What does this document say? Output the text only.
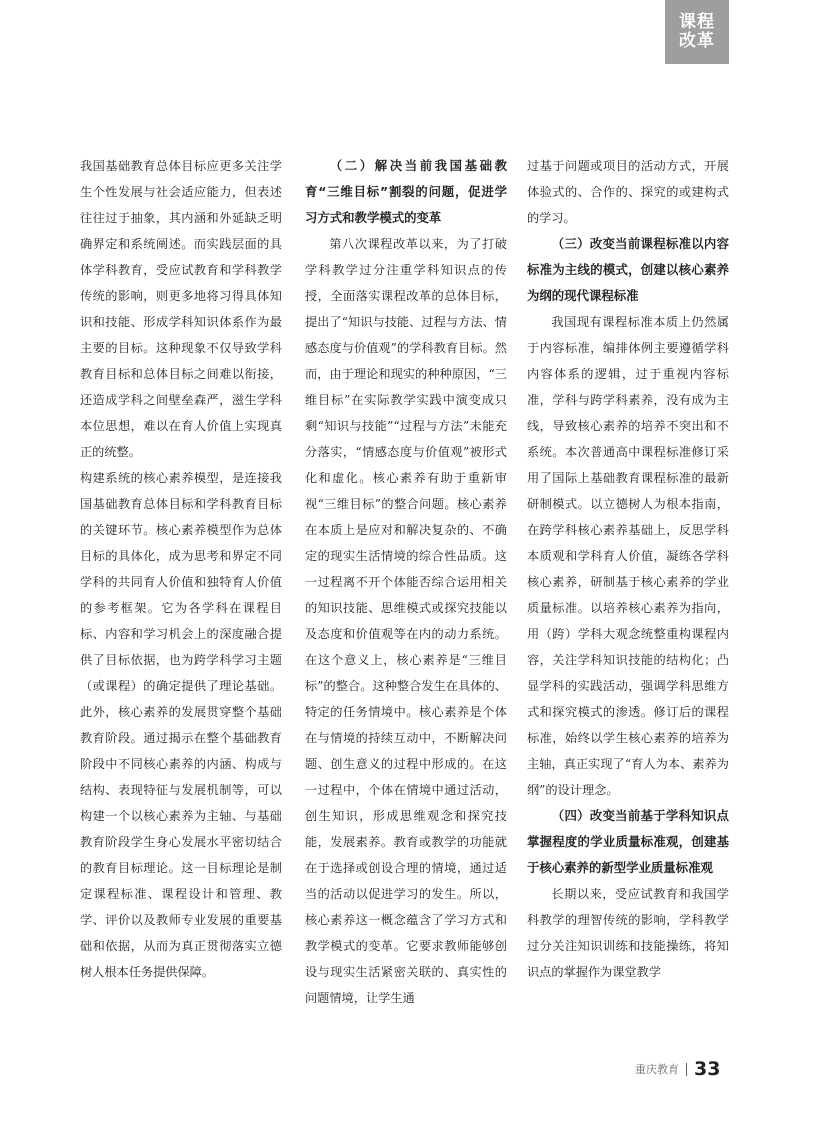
课程
改革

我国基础教育总体目标应更多关注学生个性发展与社会适应能力，但表述往往过于抽象，其内涵和外延缺乏明确界定和系统阐述。而实践层面的具体学科教育，受应试教育和学科教学传统的影响，则更多地将习得具体知识和技能、形成学科知识体系作为最主要的目标。这种现象不仅导致学科教育目标和总体目标之间难以衔接，还造成学科之间壁垒森严，滋生学科本位思想，难以在育人价值上实现真正的统整。

构建系统的核心素养模型，是连接我国基础教育总体目标和学科教育目标的关键环节。核心素养模型作为总体目标的具体化，成为思考和界定不同学科的共同育人价值和独特育人价值的参考框架。它为各学科在课程目标、内容和学习机会上的深度融合提供了目标依据，也为跨学科学习主题（或课程）的确定提供了理论基础。此外，核心素养的发展贯穿整个基础教育阶段。通过揭示在整个基础教育阶段中不同核心素养的内涵、构成与结构、表现特征与发展机制等，可以构建一个以核心素养为主轴、与基础教育阶段学生身心发展水平密切结合的教育目标理论。这一目标理论是制定课程标准、课程设计和管理、教学、评价以及教师专业发展的重要基础和依据，从而为真正贯彻落实立德树人根本任务提供保障。

（二）解决当前我国基础教育“三维目标”割裂的问题，促进学习方式和教学模式的变革

第八次课程改革以来，为了打破学科教学过分注重学科知识点的传授，全面落实课程改革的总体目标，提出了“知识与技能、过程与方法、情感态度与价值观”的学科教育目标。然而，由于理论和现实的种种原因，“三维目标”在实际教学实践中演变成只剩“知识与技能”“过程与方法”未能充分落实，“情感态度与价值观”被形式化和虚化。核心素养有助于重新审视“三维目标”的整合问题。核心素养在本质上是应对和解决复杂的、不确定的现实生活情境的综合性品质。这一过程离不开个体能否综合运用相关的知识技能、思维模式或探究技能以及态度和价值观等在内的动力系统。在这个意义上，核心素养是“三维目标”的整合。这种整合发生在具体的、特定的任务情境中。核心素养是个体在与情境的持续互动中，不断解决问题、创生意义的过程中形成的。在这一过程中，个体在情境中通过活动，创生知识，形成思维观念和探究技能，发展素养。教育或教学的功能就在于选择或创设合理的情境，通过适当的活动以促进学习的发生。所以，核心素养这一概念蕴含了学习方式和教学模式的变革。它要求教师能够创设与现实生活紧密关联的、真实性的问题情境，让学生通

过基于问题或项目的活动方式，开展体验式的、合作的、探究的或建构式的学习。

（三）改变当前课程标准以内容标准为主线的模式，创建以核心素养为纲的现代课程标准

我国现有课程标准本质上仍然属于内容标准，编排体例主要遵循学科内容体系的逻辑，过于重视内容标准，学科与跨学科素养，没有成为主线，导致核心素养的培养不突出和不系统。本次普通高中课程标准修订采用了国际上基础教育课程标准的最新研制模式。以立德树人为根本指南，在跨学科核心素养基础上，反思学科本质观和学科育人价值，凝练各学科核心素养，研制基于核心素养的学业质量标准。以培养核心素养为指向，用（跨）学科大观念统整重构课程内容，关注学科知识技能的结构化；凸显学科的实践活动，强调学科思维方式和探究模式的渗透。修订后的课程标准，始终以学生核心素养的培养为主轴，真正实现了“育人为本、素养为纲”的设计理念。

（四）改变当前基于学科知识点掌握程度的学业质量标准观，创建基于核心素养的新型学业质量标准观

长期以来，受应试教育和我国学科教学的理智传统的影响，学科教学过分关注知识训练和技能操练，将知识点的掌握作为课堂教学

重庆教育 33
